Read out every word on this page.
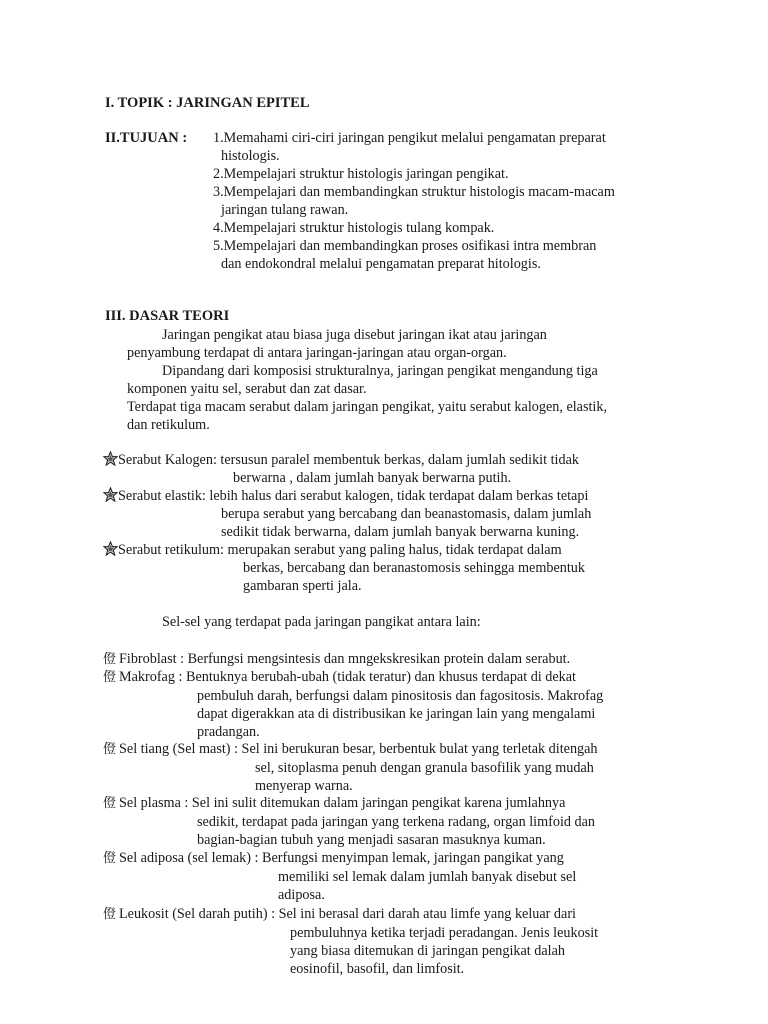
I. TOPIK : JARINGAN EPITEL
II.TUJUAN : 1.Memahami ciri-ciri jaringan pengikut melalui pengamatan preparat
histologis.
2.Mempelajari struktur histologis jaringan pengikat.
3.Mempelajari dan membandingkan struktur histologis macam-macam
jaringan tulang rawan.
4.Mempelajari struktur histologis tulang kompak.
5.Mempelajari dan membandingkan proses osifikasi intra membran
dan endokondral melalui pengamatan preparat hitologis.
III. DASAR TEORI
Jaringan pengikat atau biasa juga disebut jaringan ikat atau jaringan
penyambung terdapat di antara jaringan-jaringan atau organ-organ.
Dipandang dari komposisi strukturalnya, jaringan pengikat mengandung tiga
komponen yaitu sel, serabut dan zat dasar.
Terdapat tiga macam serabut dalam jaringan pengikat, yaitu serabut kalogen, elastik,
dan retikulum.
Serabut Kalogen: tersusun paralel membentuk berkas, dalam jumlah sedikit tidak
berwarna , dalam jumlah banyak berwarna putih.
Serabut elastik: lebih halus dari serabut kalogen, tidak terdapat dalam berkas tetapi
berupa serabut yang bercabang dan beanastomasis, dalam jumlah
sedikit tidak berwarna, dalam jumlah banyak berwarna kuning.
Serabut retikulum: merupakan serabut yang paling halus, tidak terdapat dalam
berkas, bercabang dan beranastomosis sehingga membentuk
gambaran sperti jala.
Sel-sel yang terdapat pada jaringan pangikat antara lain:
僜 Fibroblast : Berfungsi mengsintesis dan mngekskresikan protein dalam serabut.
僜 Makrofag : Bentuknya berubah-ubah (tidak teratur) dan khusus terdapat di dekat
pembuluh darah, berfungsi dalam pinositosis dan fagositosis. Makrofag
dapat digerakkan ata di distribusikan ke jaringan lain yang mengalami
pradangan.
僜 Sel tiang (Sel mast) : Sel ini berukuran besar, berbentuk bulat yang terletak ditengah
sel, sitoplasma penuh dengan granula basofilik yang mudah
menyerap warna.
僜 Sel plasma : Sel ini sulit ditemukan dalam jaringan pengikat karena jumlahnya
sedikit, terdapat pada jaringan yang terkena radang, organ limfoid dan
bagian-bagian tubuh yang menjadi sasaran masuknya kuman.
僜 Sel adiposa (sel lemak) : Berfungsi menyimpan lemak, jaringan pangikat yang
memiliki sel lemak dalam jumlah banyak disebut sel
adiposa.
僜 Leukosit (Sel darah putih) : Sel ini berasal dari darah atau limfe yang keluar dari
pembuluhnya ketika terjadi peradangan. Jenis leukosit
yang biasa ditemukan di jaringan pengikat dalah
eosinofil, basofil, dan limfosit.
